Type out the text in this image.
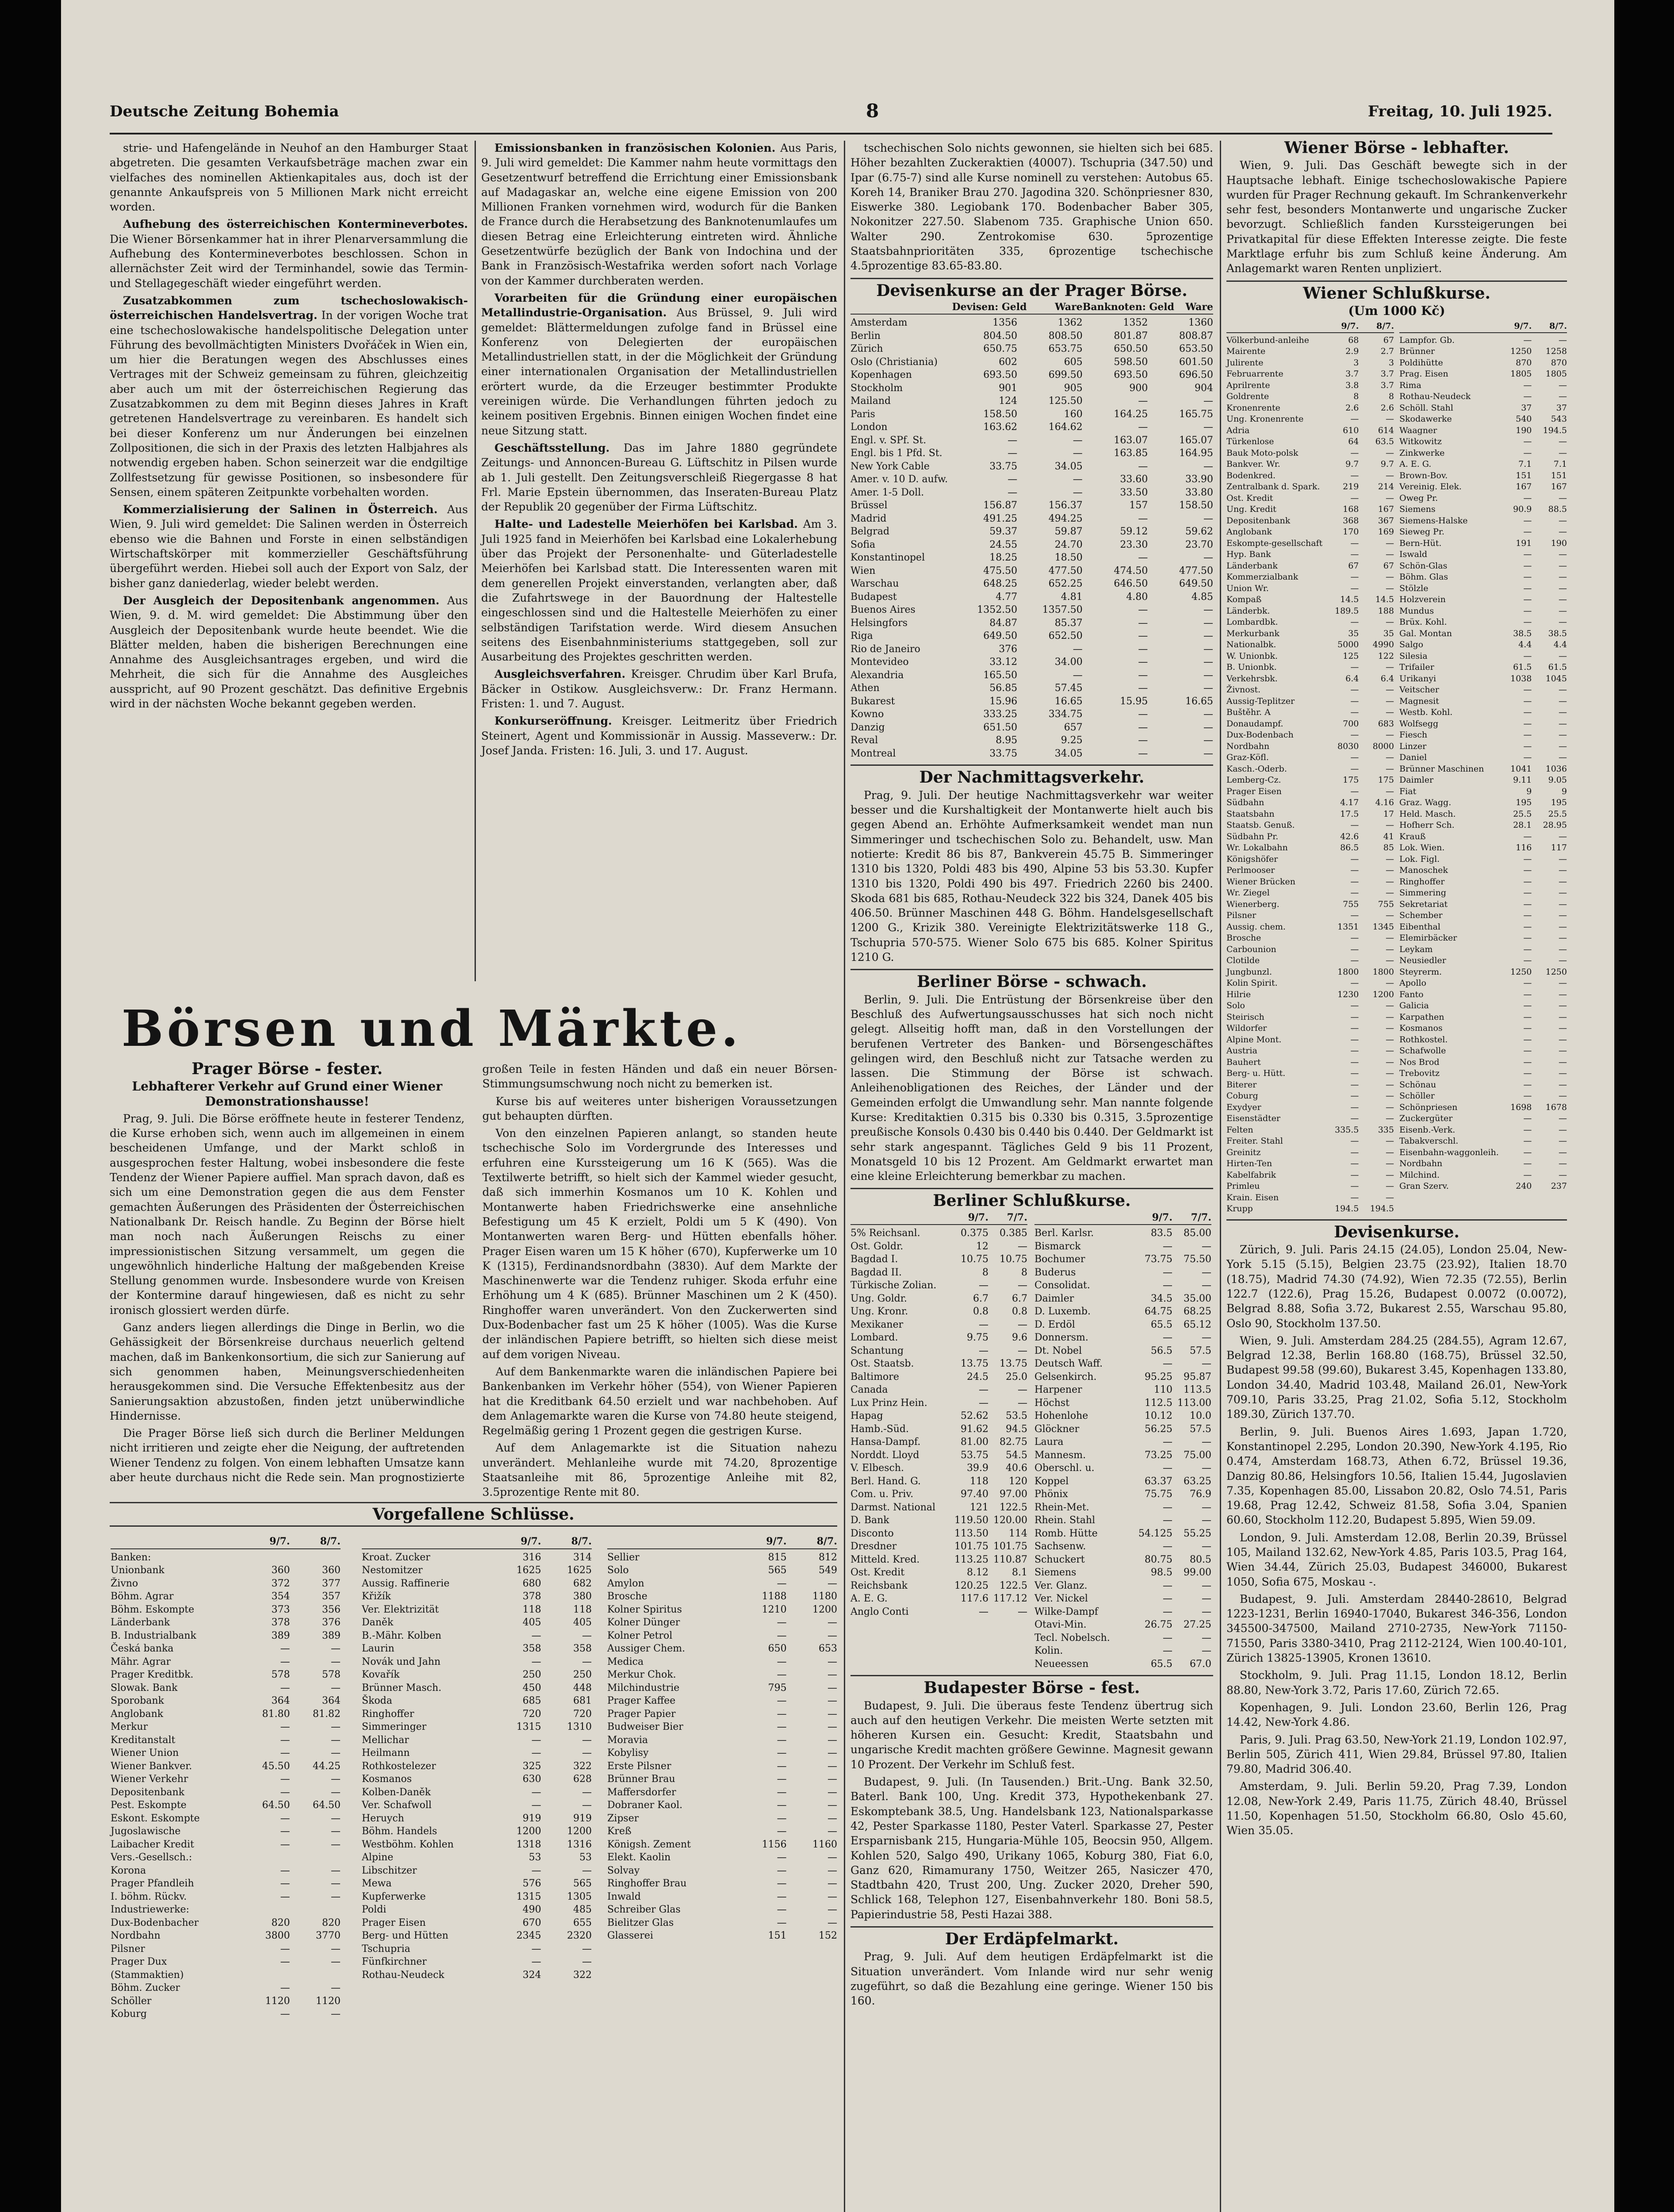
Deutsche Zeitung Bohemia	8	Freitag, 10. Juli 1925.

strie- und Hafengelände in Neuhof an den Hamburger Staat abgetreten. Die gesamten Verkaufsbeträge machen zwar ein vielfaches des nominellen Aktienkapitales aus, doch ist der genannte Ankaufspreis von 5 Millionen Mark nicht erreicht worden.

Aufhebung des österreichischen Kontermineverbotes. Die Wiener Börsenkammer hat in ihrer Plenarversammlung die Aufhebung des Kontermineverbotes beschlossen. Schon in allernächster Zeit wird der Terminhandel, sowie das Termin- und Stellagegeschäft wieder eingeführt werden.

Zusatzabkommen zum tschechoslowakisch-österreichischen Handelsvertrag. In der vorigen Woche trat eine tschechoslowakische handelspolitische Delegation unter Führung des bevollmächtigten Ministers Dvořáček in Wien ein, um hier die Beratungen wegen des Abschlusses eines Vertrages mit der Schweiz gemeinsam zu führen, gleichzeitig aber auch um mit der österreichischen Regierung das Zusatzabkommen zu dem mit Beginn dieses Jahres in Kraft getretenen Handelsvertrage zu vereinbaren. Es handelt sich bei dieser Konferenz um nur Änderungen bei einzelnen Zollpositionen, die sich in der Praxis des letzten Halbjahres als notwendig ergeben haben. Schon seinerzeit war die endgiltige Zollfestsetzung für gewisse Positionen, so insbesondere für Sensen, einem späteren Zeitpunkte vorbehalten worden.

Kommerzialisierung der Salinen in Österreich. Aus Wien, 9. Juli wird gemeldet: Die Salinen werden in Österreich ebenso wie die Bahnen und Forste in einen selbständigen Wirtschaftskörper mit kommerzieller Geschäftsführung übergeführt werden. Hiebei soll auch der Export von Salz, der bisher ganz daniederlag, wieder belebt werden.

Der Ausgleich der Depositenbank angenommen. Aus Wien, 9. d. M. wird gemeldet: Die Abstimmung über den Ausgleich der Depositenbank wurde heute beendet. Wie die Blätter melden, haben die bisherigen Berechnungen eine Annahme des Ausgleichsantrages ergeben, und wird die Mehrheit, die sich für die Annahme des Ausgleiches ausspricht, auf 90 Prozent geschätzt. Das definitive Ergebnis wird in der nächsten Woche bekannt gegeben werden.

Emissionsbanken in französischen Kolonien. Aus Paris, 9. Juli wird gemeldet: Die Kammer nahm heute vormittags den Gesetzentwurf betreffend die Errichtung einer Emissionsbank auf Madagaskar an, welche eine eigene Emission von 200 Millionen Franken vornehmen wird, wodurch für die Banken de France durch die Herabsetzung des Banknotenumlaufes um diesen Betrag eine Erleichterung eintreten wird. Ähnliche Gesetzentwürfe bezüglich der Bank von Indochina und der Bank in Französisch-Westafrika werden sofort nach Vorlage von der Kammer durchberaten werden.

Vorarbeiten für die Gründung einer europäischen Metallindustrie-Organisation. Aus Brüssel, 9. Juli wird gemeldet: Blättermeldungen zufolge fand in Brüssel eine Konferenz von Delegierten der europäischen Metallindustriellen statt, in der die Möglichkeit der Gründung einer internationalen Organisation der Metallindustriellen erörtert wurde, da die Erzeuger bestimmter Produkte vereinigen würde. Die Verhandlungen führten jedoch zu keinem positiven Ergebnis. Binnen einigen Wochen findet eine neue Sitzung statt.

Geschäftsstellung. Das im Jahre 1880 gegründete Zeitungs- und Annoncen-Bureau G. Lüftschitz in Pilsen wurde ab 1. Juli gestellt. Den Zeitungsverschleiß Riegergasse 8 hat Frl. Marie Epstein übernommen, das Inseraten-Bureau Platz der Republik 20 gegenüber der Firma Lüftschitz.

Halte- und Ladestelle Meierhöfen bei Karlsbad. Am 3. Juli 1925 fand in Meierhöfen bei Karlsbad eine Lokalerhebung über das Projekt der Personenhalte- und Güterladestelle Meierhöfen bei Karlsbad statt. Die Interessenten waren mit dem generellen Projekt einverstanden, verlangten aber, daß die Zufahrtswege in der Bauordnung der Haltestelle eingeschlossen sind und die Haltestelle Meierhöfen zu einer selbständigen Tarifstation werde. Wird diesem Ansuchen seitens des Eisenbahnministeriums stattgegeben, soll zur Ausarbeitung des Projektes geschritten werden.

Ausgleichsverfahren. Kreisger. Chrudim über Karl Brufa, Bäcker in Ostikow. Ausgleichsverw.: Dr. Franz Hermann. Fristen: 1. und 7. August.

Konkurseröffnung. Kreisger. Leitmeritz über Friedrich Steinert, Agent und Kommissionär in Aussig. Masseverw.: Dr. Josef Janda. Fristen: 16. Juli, 3. und 17. August.

Börsen und Märkte.

Prager Börse - fester.

Lebhafterer Verkehr auf Grund einer Wiener Demonstrationshausse!

Prag, 9. Juli. Die Börse eröffnete heute in festerer Tendenz, die Kurse erhoben sich, wenn auch im allgemeinen in einem bescheidenen Umfange, und der Markt schloß in ausgesprochen fester Haltung, wobei insbesondere die feste Tendenz der Wiener Papiere auffiel. Man sprach davon, daß es sich um eine Demonstration gegen die aus dem Fenster gemachten Äußerungen des Präsidenten der Österreichischen Nationalbank Dr. Reisch handle. Zu Beginn der Börse hielt man noch nach Äußerungen Reischs zu einer impressionistischen Sitzung versammelt, um gegen die ungewöhnlich hinderliche Haltung der maßgebenden Kreise Stellung genommen wurde. Insbesondere wurde von Kreisen der Kontermine darauf hingewiesen, daß es nicht zu sehr ironisch glossiert werden dürfe.

Ganz anders liegen allerdings die Dinge in Berlin, wo die Gehässigkeit der Börsenkreise durchaus neuerlich geltend machen, daß im Bankenkonsortium, die sich zur Sanierung auf sich genommen haben, Meinungsverschiedenheiten herausgekommen sind. Die Versuche Effektenbesitz aus der Sanierungsaktion abzustoßen, finden jetzt unüberwindliche Hindernisse.

Die Prager Börse ließ sich durch die Berliner Meldungen nicht irritieren und zeigte eher die Neigung, der auftretenden Wiener Tendenz zu folgen. Von einem lebhaften Umsatze kann aber heute durchaus nicht die Rede sein. Man prognostizierte großen Teile in festen Händen und daß ein neuer Börsen-Stimmungsumschwung noch nicht zu bemerken ist.

Kurse bis auf weiteres unter bisherigen Voraussetzungen gut behaupten dürften.

Von den einzelnen Papieren anlangt, so standen heute tschechische Solo im Vordergrunde des Interesses und erfuhren eine Kurssteigerung um 16 K (565). Was die Textilwerte betrifft, so hielt sich der Kammel wieder gesucht, daß sich immerhin Kosmanos um 10 K. Kohlen und Montanwerte haben Friedrichswerke eine ansehnliche Befestigung um 45 K erzielt, Poldi um 5 K (490). Von Montanwerten waren Berg- und Hütten ebenfalls höher. Prager Eisen waren um 15 K höher (670), Kupferwerke um 10 K (1315), Ferdinandsnordbahn (3830). Auf dem Markte der Maschinenwerte war die Tendenz ruhiger. Skoda erfuhr eine Erhöhung um 4 K (685). Brünner Maschinen um 2 K (450). Ringhoffer waren unverändert. Von den Zuckerwerten sind Dux-Bodenbacher fast um 25 K höher (1005). Was die Kurse der inländischen Papiere betrifft, so hielten sich diese meist auf dem vorigen Niveau.

Auf dem Bankenmarkte waren die inländischen Papiere bei Bankenbanken im Verkehr höher (554), von Wiener Papieren hat die Kreditbank 64.50 erzielt und war nachbehoben. Auf dem Anlagemarkte waren die Kurse von 74.80 heute steigend, Regelmäßig gering 1 Prozent gegen die gestrigen Kurse.

Auf dem Anlagemarkte ist die Situation nahezu unverändert. Mehlanleihe wurde mit 74.20, 8prozentige Staatsanleihe mit 86, 5prozentige Anleihe mit 82, 3.5prozentige Rente mit 80.

Vorgefallene Schlüsse.
9/7.	8/7.
Banken:
Unionbank	360	360
Živno	372	377
Böhm. Agrar	354	357
Böhm. Eskompte	373	356
Länderbank	378	376
B. Industrialbank	389	389
Česká banka	—	—
Mähr. Agrar	—	—
Prager Kreditbk.	578	578
Slowak. Bank	—	—
Sporobank	364	364
Anglobank	81.80	81.82
Merkur	—	—
Kreditanstalt	—	—
Wiener Union	—	—
Wiener Bankver.	45.50	44.25
Wiener Verkehr	—	—
Depositenbank	—	—
Pest. Eskompte	64.50	64.50
Eskont. Eskompte	—	—
Jugoslawische	—	—
Laibacher Kredit	—	—
Vers.-Gesellsch.:
Korona	—	—
Prager Pfandleih	—	—
I. böhm. Rückv.	—	—
Industriewerke:
Dux-Bodenbacher	820	820
Nordbahn	3800	3770
Pilsner	—	—
Prager Dux	—	—
(Stammaktien)
Böhm. Zucker	—	—
Schöller	1120	1120
Koburg	—	—
9/7.	8/7.
Kroat. Zucker	316	314
Nestomitzer	1625	1625
Aussig. Raffinerie	680	682
Křižík	378	380
Ver. Elektrizität	118	118
Daněk	405	405
B.-Mähr. Kolben	—	—
Laurin	358	358
Novák und Jahn	—	—
Kovařík	250	250
Brünner Masch.	450	448
Škoda	685	681
Ringhoffer	720	720
Simmeringer	1315	1310
Mellichar	—	—
Heilmann	—	—
Rothkostelezer	325	322
Kosmanos	630	628
Kolben-Daněk	—	—
Ver. Schafwoll	—	—
Heruych	919	919
Böhm. Handels	1200	1200
Westböhm. Kohlen	1318	1316
Alpine	53	53
Libschitzer	—	—
Mewa	576	565
Kupferwerke	1315	1305
Poldi	490	485
Prager Eisen	670	655
Berg- und Hütten	2345	2320
Tschupria	—	—
Fünfkirchner	—	—
Rothau-Neudeck	324	322
9/7.	8/7.
Sellier	815	812
Solo	565	549
Amylon	—	—
Brosche	1188	1180
Kolner Spiritus	1210	1200
Kolner Dünger	—	—
Kolner Petrol	—	—
Aussiger Chem.	650	653
Medica	—	—
Merkur Chok.	—	—
Milchindustrie	795	—
Prager Kaffee	—	—
Prager Papier	—	—
Budweiser Bier	—	—
Moravia	—	—
Kobylisy	—	—
Erste Pilsner	—	—
Brünner Brau	—	—
Maffersdorfer	—	—
Dobraner Kaol.	—	—
Zipser	—	—
Kreß	—	—
Königsh. Zement	1156	1160
Elekt. Kaolin	—	—
Solvay	—	—
Ringhoffer Brau	—	—
Inwald	—	—
Schreiber Glas	—	—
Bielitzer Glas	—	—
Glasserei	151	152

tschechischen Solo nichts gewonnen, sie hielten sich bei 685. Höher bezahlten Zuckeraktien (40007). Tschupria (347.50) und Ipar (6.75-7) sind alle Kurse nominell zu verstehen: Autobus 65. Koreh 14, Braniker Brau 270. Jagodina 320. Schönpriesner 830, Eiswerke 380. Legiobank 170. Bodenbacher Baber 305, Nokonitzer 227.50. Slabenom 735. Graphische Union 650. Walter 290. Zentrokomise 630. 5prozentige Staatsbahnprioritäten 335, 6prozentige tschechische 4.5prozentige 83.65-83.80.

Devisenkurse an der Prager Börse.

Devisen: Geld	Ware Banknoten: Geld	Ware
Amsterdam	1356	1362	1352	1360
Berlin	804.50	808.50	801.87	808.87
Zürich	650.75	653.75	650.50	653.50
Oslo (Christiania)	602	605	598.50	601.50
Kopenhagen	693.50	699.50	693.50	696.50
Stockholm	901	905	900	904
Mailand	124	125.50	—	—
Paris	158.50	160	164.25	165.75
London	163.62	164.62	—	—
Engl. v. SPf. St.	—	—	163.07	165.07
Engl. bis 1 Pfd. St.	—	—	163.85	164.95
New York Cable	33.75	34.05	—	—
Amer. v. 10 D. aufw.	—	—	33.60	33.90
Amer. 1-5 Doll.	—	—	33.50	33.80
Brüssel	156.87	156.37	157	158.50
Madrid	491.25	494.25	—	—
Belgrad	59.37	59.87	59.12	59.62
Sofia	24.55	24.70	23.30	23.70
Konstantinopel	18.25	18.50	—	—
Wien	475.50	477.50	474.50	477.50
Warschau	648.25	652.25	646.50	649.50
Budapest	4.77	4.81	4.80	4.85
Buenos Aires	1352.50	1357.50	—	—
Helsingfors	84.87	85.37	—	—
Riga	649.50	652.50	—	—
Rio de Janeiro	376	—	—	—
Montevideo	33.12	34.00	—	—
Alexandria	165.50	—	—	—
Athen	56.85	57.45	—	—
Bukarest	15.96	16.65	15.95	16.65
Kowno	333.25	334.75	—	—
Danzig	651.50	657	—	—
Reval	8.95	9.25	—	—
Montreal	33.75	34.05	—	—

Der Nachmittagsverkehr.

Prag, 9. Juli. Der heutige Nachmittagsverkehr war weiter besser und die Kurshaltigkeit der Montanwerte hielt auch bis gegen Abend an. Erhöhte Aufmerksamkeit wendet man nun Simmeringer und tschechischen Solo zu. Behandelt, usw. Man notierte: Kredit 86 bis 87, Bankverein 45.75 B. Simmeringer 1310 bis 1320, Poldi 483 bis 490, Alpine 53 bis 53.30. Kupfer 1310 bis 1320, Poldi 490 bis 497. Friedrich 2260 bis 2400. Skoda 681 bis 685, Rothau-Neudeck 322 bis 324, Danek 405 bis 406.50. Brünner Maschinen 448 G. Böhm. Handelsgesellschaft 1200 G., Krizik 380. Vereinigte Elektrizitätswerke 118 G., Tschupria 570-575. Wiener Solo 675 bis 685. Kolner Spiritus 1210 G.

Berliner Börse - schwach.

Berlin, 9. Juli. Die Entrüstung der Börsenkreise über den Beschluß des Aufwertungsausschusses hat sich noch nicht gelegt. Allseitig hofft man, daß in den Vorstellungen der berufenen Vertreter des Banken- und Börsengeschäftes gelingen wird, den Beschluß nicht zur Tatsache werden zu lassen. Die Stimmung der Börse ist schwach. Anleihenobligationen des Reiches, der Länder und der Gemeinden erfolgt die Umwandlung sehr. Man nannte folgende Kurse: Kreditaktien 0.315 bis 0.330 bis 0.315, 3.5prozentige preußische Konsols 0.430 bis 0.440 bis 0.440. Der Geldmarkt ist sehr stark angespannt. Tägliches Geld 9 bis 11 Prozent, Monatsgeld 10 bis 12 Prozent. Am Geldmarkt erwartet man eine kleine Erleichterung bemerkbar zu machen.

Berliner Schlußkurse.

9/7.	7/7.
5% Reichsanl.	0.375	0.385
Ost. Goldr.	12	—
Bagdad I.	10.75	10.75
Bagdad II.	8	8
Türkische Zolian.	—	—
Ung. Goldr.	6.7	6.7
Ung. Kronr.	0.8	0.8
Mexikaner	—	—
Lombard.	9.75	9.6
Schantung	—	—
Ost. Staatsb.	13.75	13.75
Baltimore	24.5	25.0
Canada	—	—
Lux Prinz Hein.	—	—
Hapag	52.62	53.5
Hamb.-Süd.	91.62	94.5
Hansa-Dampf.	81.00	82.75
Norddt. Lloyd	53.75	54.5
V. Elbesch.	39.9	40.6
Berl. Hand. G.	118	120
Com. u. Priv.	97.40	97.00
Darmst. National	121	122.5
D. Bank	119.50 120.00
Disconto	113.50	114
Dresdner	101.75 101.75
Mitteld. Kred.	113.25 110.87
Ost. Kredit	8.12	8.1
Reichsbank	120.25	122.5
A. E. G.	117.6 117.12
Anglo Conti	—	—
9/7.	7/7.
Berl. Karlsr.	83.5	85.00
Bismarck	—	—
Bochumer	73.75	75.50
Buderus	—	—
Consolidat.	—	—
Daimler	34.5	35.00
D. Luxemb.	64.75	68.25
D. Erdöl	65.5	65.12
Donnersm.	—	—
Dt. Nobel	56.5	57.5
Deutsch Waff.	—	—
Gelsenkirch.	95.25	95.87
Harpener	110	113.5
Höchst	112.5 113.00
Hohenlohe	10.12	10.0
Glöckner	56.25	57.5
Laura	—	—
Mannesm.	73.25	75.00
Oberschl. u.	—	—
Koppel	63.37	63.25
Phönix	75.75	76.9
Rhein-Met.	—	—
Rhein. Stahl	—	—
Romb. Hütte	54.125	55.25
Sachsenw.	—	—
Schuckert	80.75	80.5
Siemens	98.5	99.00
Ver. Glanz.	—	—
Ver. Nickel	—	—
Wilke-Dampf	—	—
Otavi-Min.	26.75	27.25
Tecl. Nobelsch.	—	—
Kolin.	—	—
Neueessen	65.5	67.0

Budapester Börse - fest.

Budapest, 9. Juli. Die überaus feste Tendenz übertrug sich auch auf den heutigen Verkehr. Die meisten Werte setzten mit höheren Kursen ein. Gesucht: Kredit, Staatsbahn und ungarische Kredit machten größere Gewinne. Magnesit gewann 10 Prozent. Der Verkehr im Schluß fest.

Budapest, 9. Juli. (In Tausenden.) Brit.-Ung. Bank 32.50, Baterl. Bank 100, Ung. Kredit 373, Hypothekenbank 27. Eskomptebank 38.5, Ung. Handelsbank 123, Nationalsparkasse 42, Pester Sparkasse 1180, Pester Vaterl. Sparkasse 27, Pester Ersparnisbank 215, Hungaria-Mühle 105, Beocsin 950, Allgem. Kohlen 520, Salgo 490, Urikany 1065, Koburg 380, Fiat 6.0, Ganz 620, Rimamurany 1750, Weitzer 265, Nasiczer 470, Stadtbahn 420, Trust 200, Ung. Zucker 2020, Dreher 590, Schlick 168, Telephon 127, Eisenbahnverkehr 180. Boni 58.5, Papierindustrie 58, Pesti Hazai 388.

Der Erdäpfelmarkt.

Prag, 9. Juli. Auf dem heutigen Erdäpfelmarkt ist die Situation unverändert. Vom Inlande wird nur sehr wenig zugeführt, so daß die Bezahlung eine geringe. Wiener 150 bis 160.

Wiener Börse - lebhafter.

Wien, 9. Juli. Das Geschäft bewegte sich in der Hauptsache lebhaft. Einige tschechoslowakische Papiere wurden für Prager Rechnung gekauft. Im Schrankenverkehr sehr fest, besonders Montanwerte und ungarische Zucker bevorzugt. Schließlich fanden Kurssteigerungen bei Privatkapital für diese Effekten Interesse zeigte. Die feste Marktlage erfuhr bis zum Schluß keine Änderung. Am Anlagemarkt waren Renten unpliziert.

Wiener Schlußkurse.

(Um 1000 Kč)

9/7.	8/7.
Völkerbund-anleihe	68	67
Mairente	2.9	2.7
Julirente	3	3
Februarrente	3.7	3.7
Aprilrente	3.8	3.7
Goldrente	8	8
Kronenrente	2.6	2.6
Ung. Kronenrente	—	—
Adria	610	614
Türkenlose	64	63.5
Bauk Moto-polsk	—	—
Bankver. Wr.	9.7	9.7
Bodenkred.	—	—
Zentralbank d. Spark.	219	214
Ost. Kredit	—	—
Ung. Kredit	168	167
Depositenbank	368	367
Anglobank	170	169
Eskompte-gesellschaft	—	—
Hyp. Bank	—	—
Länderbank	67	67
Kommerzialbank	—	—
Union Wr.	—	—
Kompaß	14.5	14.5
Länderbk.	189.5	188
Lombardbk.	—	—
Merkurbank	35	35
Nationalbk.	5000	4990
W. Unionbk.	125	122
B. Unionbk.	—	—
Verkehrsbk.	6.4	6.4
Živnost.	—	—
Aussig-Teplitzer	—	—
Buštěhr. A	—	—
Donaudampf.	700	683
Dux-Bodenbach	—	—
Nordbahn	8030	8000
Graz-Köfl.	—	—
Kasch.-Oderb.	—	—
Lemberg-Cz.	175	175
Prager Eisen	—	—
Südbahn	4.17	4.16
Staatsbahn	17.5	17
Staatsb. Genuß.	—	—
Südbahn Pr.	42.6	41
Wr. Lokalbahn	86.5	85
Königshöfer	—	—
Perlmooser	—	—
Wiener Brücken	—	—
Wr. Ziegel	—	—
Wienerberg.	755	755
Pilsner	—	—
Aussig. chem.	1351	1345
Brosche	—	—
Carbounion	—	—
Clotilde	—	—
Jungbunzl.	1800	1800
Kolin Spirit.	—	—
Hilrie	1230	1200
Solo	—	—
Steirisch	—	—
Wildorfer	—	—
Alpine Mont.	—	—
Austria	—	—
Bauhert	—	—
Berg- u. Hütt.	—	—
Biterer	—	—
Coburg	—	—
Exydyer	—	—
Eisenstädter	—	—
Felten	335.5	335
Freiter. Stahl	—	—
Greinitz	—	—
Hirten-Ten	—	—
Kabelfabrik	—	—
Primleu	—	—
Krain. Eisen	—	—
Krupp	194.5	194.5
9/7.	8/7.
Lampfor. Gb.	—	—
Brünner	1250	1258
Poldihütte	870	870
Prag. Eisen	1805	1805
Rima	—	—
Rothau-Neudeck	—	—
Schöll. Stahl	37	37
Skodawerke	540	543
Waagner	190	194.5
Witkowitz	—	—
Zinkwerke	—	—
A. E. G.	7.1	7.1
Brown-Bov.	151	151
Vereinig. Elek.	167	167
Oweg Pr.	—	—
Siemens	90.9	88.5
Siemens-Halske	—	—
Sieweg Pr.	—	—
Bern-Hüt.	191	190
Iswald	—	—
Schön-Glas	—	—
Böhm. Glas	—	—
Stölzle	—	—
Holzverein	—	—
Mundus	—	—
Brüx. Kohl.	—	—
Gal. Montan	38.5	38.5
Salgo	4.4	4.4
Silesia	—	—
Trifailer	61.5	61.5
Urikanyi	1038	1045
Veitscher	—	—
Magnesit	—	—
Westb. Kohl.	—	—
Wolfsegg	—	—
Fiesch	—	—
Linzer	—	—
Daniel	—	—
Brünner Maschinen	1041	1036
Daimler	9.11	9.05
Fiat	9	9
Graz. Wagg.	195	195
Held. Masch.	25.5	25.5
Hofherr Sch.	28.1	28.95
Krauß	—	—
Lok. Wien.	116	117
Lok. Figl.	—	—
Manoschek	—	—
Ringhoffer	—	—
Simmering	—	—
Sekretariat	—	—
Schember	—	—
Eibenthal	—	—
Elemirbäcker	—	—
Leykam	—	—
Neusiedler	—	—
Steyrerm.	1250	1250
Apollo	—	—
Fanto	—	—
Galicia	—	—
Karpathen	—	—
Kosmanos	—	—
Rothkostel.	—	—
Schafwolle	—	—
Nos Brod	—	—
Trebovitz	—	—
Schönau	—	—
Schöller	—	—
Schönpriesen	1698	1678
Zuckergüter	—	—
Eisenb.-Verk.	—	—
Tabakverschl.	—	—
Eisenbahn-waggonleih.	—	—
Nordbahn	—	—
Milchind.	—	—
Gran Szerv.	240	237

Devisenkurse.

Zürich, 9. Juli. Paris 24.15 (24.05), London 25.04, New-York 5.15 (5.15), Belgien 23.75 (23.92), Italien 18.70 (18.75), Madrid 74.30 (74.92), Wien 72.35 (72.55), Berlin 122.7 (122.6), Prag 15.26, Budapest 0.0072 (0.0072), Belgrad 8.88, Sofia 3.72, Bukarest 2.55, Warschau 95.80, Oslo 90, Stockholm 137.50.

Wien, 9. Juli. Amsterdam 284.25 (284.55), Agram 12.67, Belgrad 12.38, Berlin 168.80 (168.75), Brüssel 32.50, Budapest 99.58 (99.60), Bukarest 3.45, Kopenhagen 133.80, London 34.40, Madrid 103.48, Mailand 26.01, New-York 709.10, Paris 33.25, Prag 21.02, Sofia 5.12, Stockholm 189.30, Zürich 137.70.

Berlin, 9. Juli. Buenos Aires 1.693, Japan 1.720, Konstantinopel 2.295, London 20.390, New-York 4.195, Rio 0.474, Amsterdam 168.73, Athen 6.72, Brüssel 19.36, Danzig 80.86, Helsingfors 10.56, Italien 15.44, Jugoslavien 7.35, Kopenhagen 85.00, Lissabon 20.82, Oslo 74.51, Paris 19.68, Prag 12.42, Schweiz 81.58, Sofia 3.04, Spanien 60.60, Stockholm 112.20, Budapest 5.895, Wien 59.09.

London, 9. Juli. Amsterdam 12.08, Berlin 20.39, Brüssel 105, Mailand 132.62, New-York 4.85, Paris 103.5, Prag 164, Wien 34.44, Zürich 25.03, Budapest 346000, Bukarest 1050, Sofia 675, Moskau -.

Budapest, 9. Juli. Amsterdam 28440-28610, Belgrad 1223-1231, Berlin 16940-17040, Bukarest 346-356, London 345500-347500, Mailand 2710-2735, New-York 71150-71550, Paris 3380-3410, Prag 2112-2124, Wien 100.40-101, Zürich 13825-13905, Kronen 13610.

Stockholm, 9. Juli. Prag 11.15, London 18.12, Berlin 88.80, New-York 3.72, Paris 17.60, Zürich 72.65.

Kopenhagen, 9. Juli. London 23.60, Berlin 126, Prag 14.42, New-York 4.86.

Paris, 9. Juli. Prag 63.50, New-York 21.19, London 102.97, Berlin 505, Zürich 411, Wien 29.84, Brüssel 97.80, Italien 79.80, Madrid 306.40.

Amsterdam, 9. Juli. Berlin 59.20, Prag 7.39, London 12.08, New-York 2.49, Paris 11.75, Zürich 48.40, Brüssel 11.50, Kopenhagen 51.50, Stockholm 66.80, Oslo 45.60, Wien 35.05.
